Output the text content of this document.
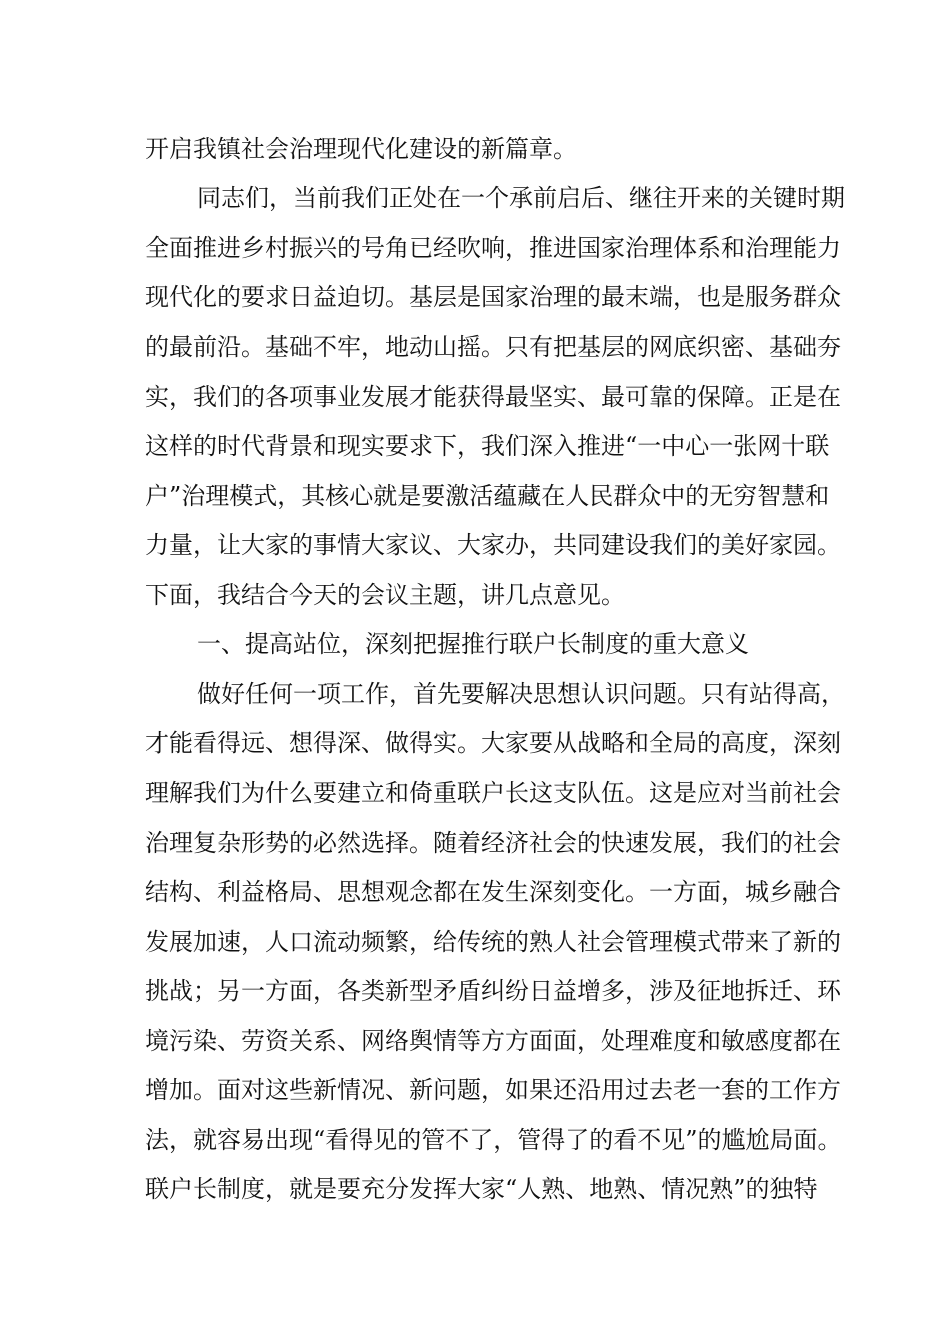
开启我镇社会治理现代化建设的新篇章。
同志们，当前我们正处在一个承前启后、继往开来的关键时期
全面推进乡村振兴的号角已经吹响，推进国家治理体系和治理能力
现代化的要求日益迫切。基层是国家治理的最末端，也是服务群众
的最前沿。基础不牢，地动山摇。只有把基层的网底织密、基础夯
实，我们的各项事业发展才能获得最坚实、最可靠的保障。正是在
这样的时代背景和现实要求下，我们深入推进“一中心一张网十联
户”治理模式，其核心就是要激活蕴藏在人民群众中的无穷智慧和
力量，让大家的事情大家议、大家办，共同建设我们的美好家园。
下面，我结合今天的会议主题，讲几点意见。
一、提高站位，深刻把握推行联户长制度的重大意义
做好任何一项工作，首先要解决思想认识问题。只有站得高，
才能看得远、想得深、做得实。大家要从战略和全局的高度，深刻
理解我们为什么要建立和倚重联户长这支队伍。这是应对当前社会
治理复杂形势的必然选择。随着经济社会的快速发展，我们的社会
结构、利益格局、思想观念都在发生深刻变化。一方面，城乡融合
发展加速，人口流动频繁，给传统的熟人社会管理模式带来了新的
挑战；另一方面，各类新型矛盾纠纷日益增多，涉及征地拆迁、环
境污染、劳资关系、网络舆情等方方面面，处理难度和敏感度都在
增加。面对这些新情况、新问题，如果还沿用过去老一套的工作方
法，就容易出现“看得见的管不了，管得了的看不见”的尴尬局面。
联户长制度，就是要充分发挥大家“人熟、地熟、情况熟”的独特
